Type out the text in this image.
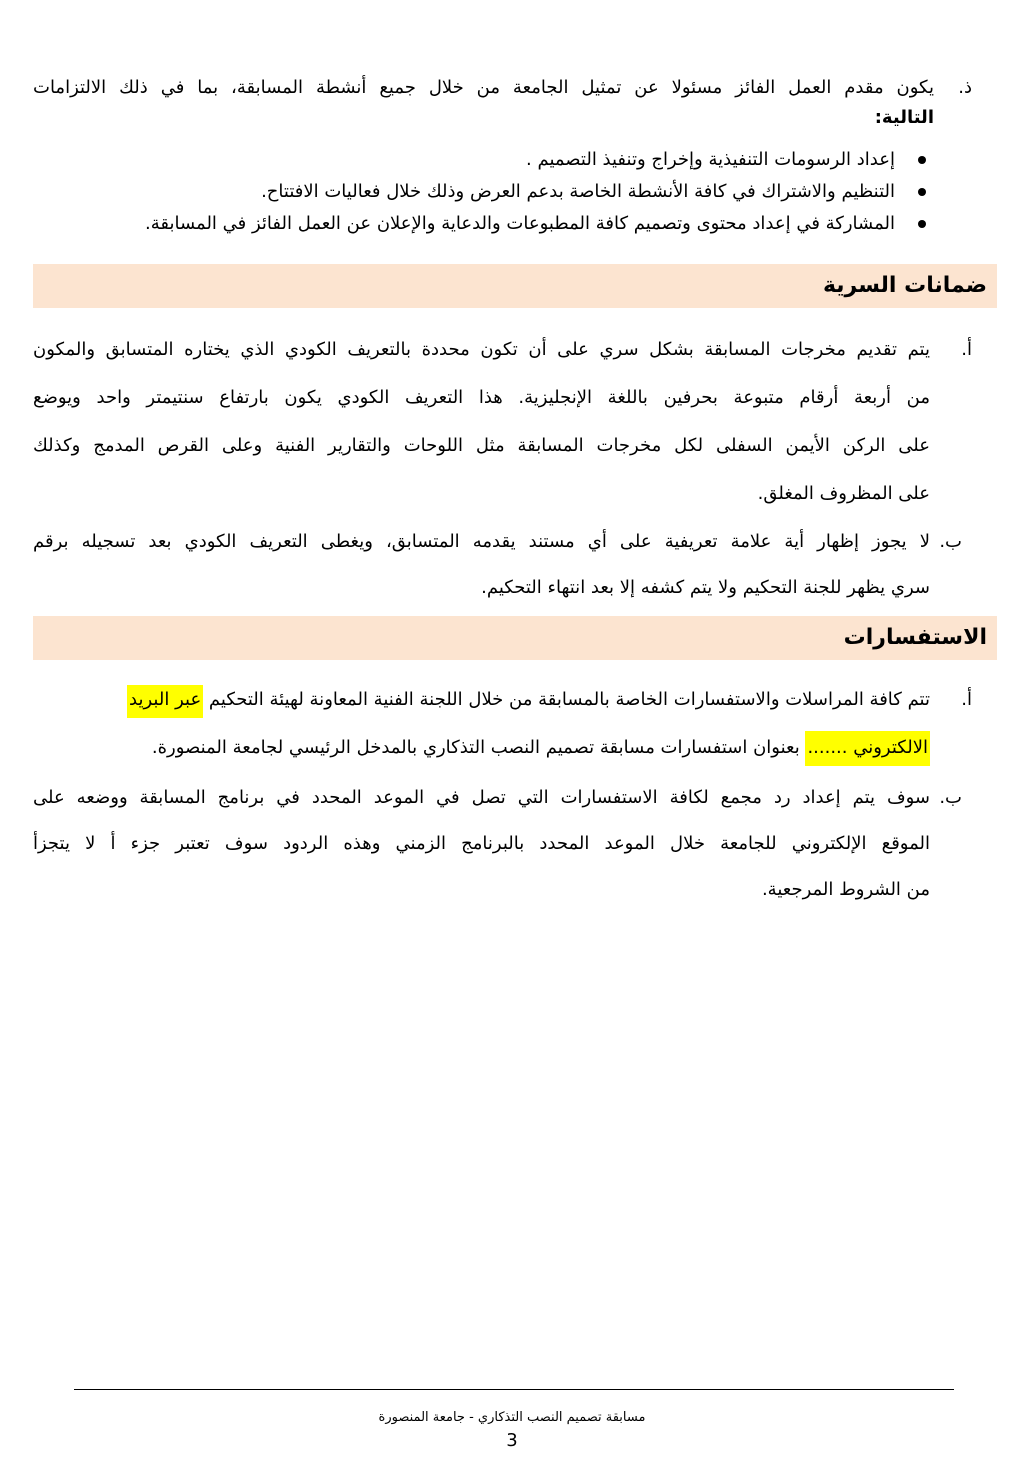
ذ.
يكون مقدم العمل الفائز مسئولا عن تمثيل الجامعة من خلال جميع أنشطة المسابقة، بما في ذلك الالتزامات
التالية:
إعداد الرسومات التنفيذية وإخراج وتنفيذ التصميم .
التنظيم والاشتراك في كافة الأنشطة الخاصة بدعم العرض وذلك خلال فعاليات الافتتاح.
المشاركة في إعداد محتوى وتصميم كافة المطبوعات والدعاية والإعلان عن العمل الفائز في المسابقة.
ضمانات السرية
أ.
يتم تقديم مخرجات المسابقة بشكل سري على أن تكون محددة بالتعريف الكودي الذي يختاره المتسابق والمكون
من أربعة أرقام متبوعة بحرفين باللغة الإنجليزية. هذا التعريف الكودي يكون بارتفاع سنتيمتر واحد ويوضع
على الركن الأيمن السفلى لكل مخرجات المسابقة مثل اللوحات والتقارير الفنية وعلى القرص المدمج وكذلك
على المظروف المغلق.
ب.
لا يجوز إظهار أية علامة تعريفية على أي مستند يقدمه المتسابق، ويغطى التعريف الكودي بعد تسجيله برقم
سري يظهر للجنة التحكيم ولا يتم كشفه إلا بعد انتهاء التحكيم.
الاستفسارات
أ.
تتم كافة المراسلات والاستفسارات الخاصة بالمسابقة من خلال اللجنة الفنية المعاونة لهيئة التحكيم عبر البريد
الالكتروني ....... بعنوان استفسارات مسابقة تصميم النصب التذكاري بالمدخل الرئيسي لجامعة المنصورة.
ب.
سوف يتم إعداد رد مجمع لكافة الاستفسارات التي تصل في الموعد المحدد في برنامج المسابقة ووضعه على
الموقع الإلكتروني للجامعة خلال الموعد المحدد بالبرنامج الزمني وهذه الردود سوف تعتبر جزء أ لا يتجزأ
من الشروط المرجعية.
مسابقة تصميم النصب التذكاري - جامعة المنصورة
3
